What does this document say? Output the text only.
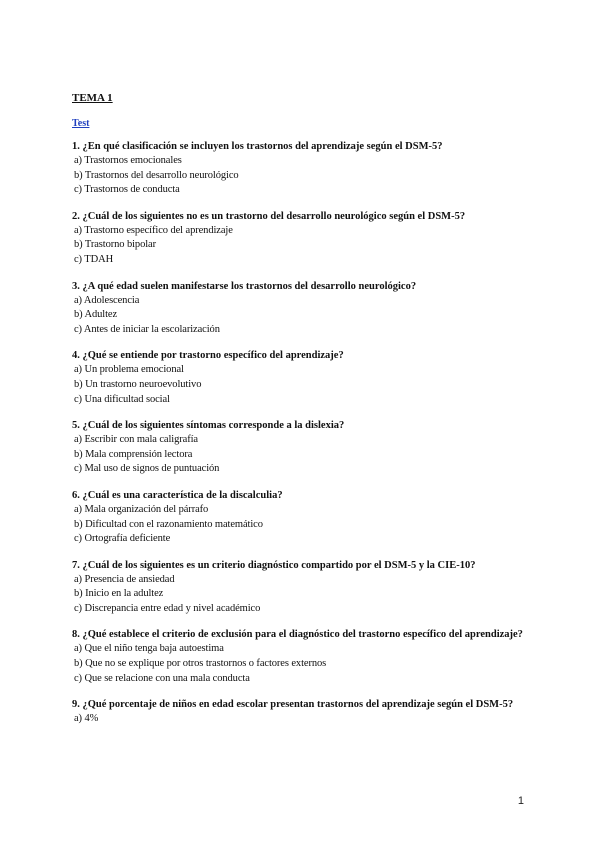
TEMA 1
Test

1. ¿En qué clasificación se incluyen los trastornos del aprendizaje según el DSM-5?

a) Trastornos emocionales
b) Trastornos del desarrollo neurológico
c) Trastornos de conducta

2. ¿Cuál de los siguientes no es un trastorno del desarrollo neurológico según el DSM-5?

a) Trastorno específico del aprendizaje
b) Trastorno bipolar
c) TDAH

3. ¿A qué edad suelen manifestarse los trastornos del desarrollo neurológico?

a) Adolescencia
b) Adultez
c) Antes de iniciar la escolarización

4. ¿Qué se entiende por trastorno específico del aprendizaje?

a) Un problema emocional
b) Un trastorno neuroevolutivo
c) Una dificultad social

5. ¿Cuál de los siguientes síntomas corresponde a la dislexia?

a) Escribir con mala caligrafía
b) Mala comprensión lectora
c) Mal uso de signos de puntuación

6. ¿Cuál es una característica de la discalculia?

a) Mala organización del párrafo
b) Dificultad con el razonamiento matemático
c) Ortografía deficiente

7. ¿Cuál de los siguientes es un criterio diagnóstico compartido por el DSM-5 y la CIE-10?

a) Presencia de ansiedad
b) Inicio en la adultez
c) Discrepancia entre edad y nivel académico

8. ¿Qué establece el criterio de exclusión para el diagnóstico del trastorno específico del aprendizaje?

a) Que el niño tenga baja autoestima
b) Que no se explique por otros trastornos o factores externos
c) Que se relacione con una mala conducta

9. ¿Qué porcentaje de niños en edad escolar presentan trastornos del aprendizaje según el DSM-5?

a) 4%
1
